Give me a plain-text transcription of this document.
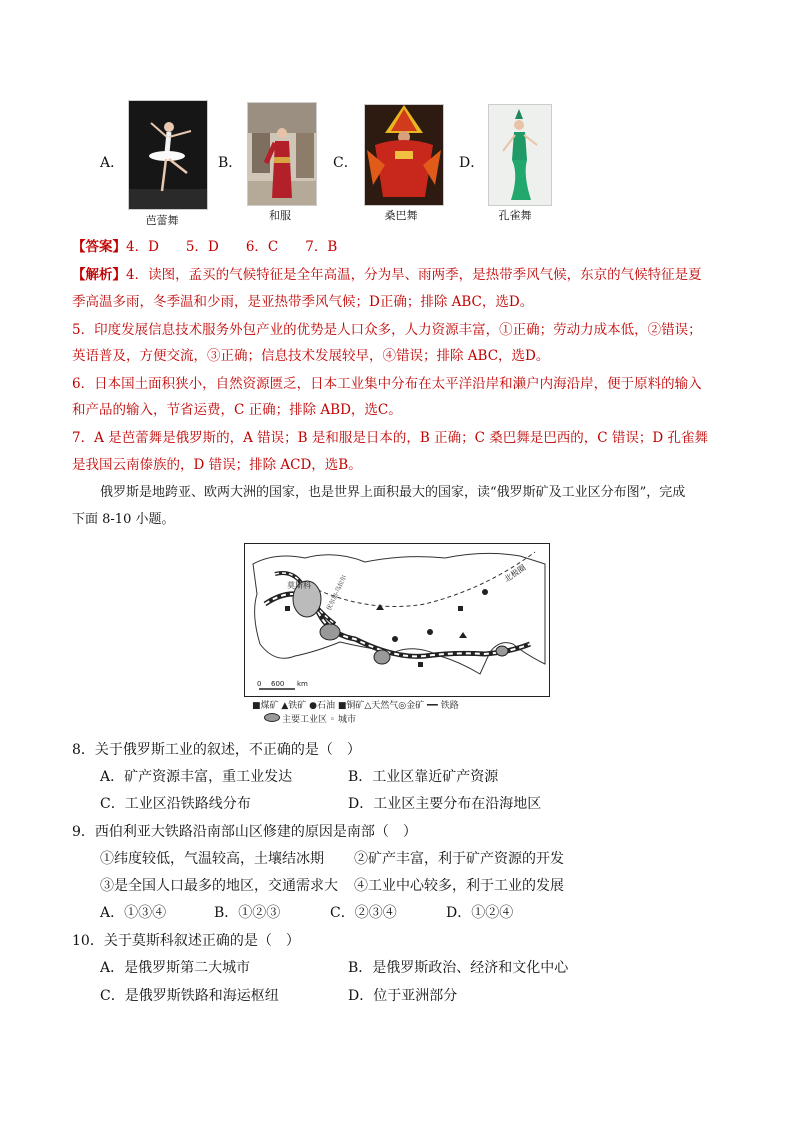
A．
芭蕾舞
B．
和服
C．
桑巴舞
D．
孔雀舞
【答案】4．D　　5．D　　6．C　　7．B
【解析】4．读图，孟买的气候特征是全年高温，分为旱、雨两季，是热带季风气候，东京的气候特征是夏
季高温多雨，冬季温和少雨，是亚热带季风气候；D正确；排除 ABC，选D。
5．印度发展信息技术服务外包产业的优势是人口众多，人力资源丰富，①正确；劳动力成本低，②错误；
英语普及，方便交流，③正确；信息技术发展较早，④错误；排除 ABC，选D。
6．日本国土面积狭小，自然资源匮乏，日本工业集中分布在太平洋沿岸和濑户内海沿岸，便于原料的输入
和产品的输入，节省运费，C 正确；排除 ABD，选C。
7．A 是芭蕾舞是俄罗斯的，A 错误；B 是和服是日本的，B 正确；C 桑巴舞是巴西的，C 错误；D 孔雀舞
是我国云南傣族的，D 错误；排除 ACD，选B。
俄罗斯是地跨亚、欧两大洲的国家，也是世界上面积最大的国家，读“俄罗斯矿及工业区分布图”，完成
下面 8-10 小题。
莫斯科
北极圈
伏尔加-乌拉尔
0 600 km
■煤矿 ▲铁矿 ●石油 ■铜矿△天然气◎金矿 ━━ 铁路
主要工业区 ◦ 城市
8．关于俄罗斯工业的叙述，不正确的是（　）
A．矿产资源丰富，重工业发达	B．工业区靠近矿产资源
C．工业区沿铁路线分布	D．工业区主要分布在沿海地区
9．西伯利亚大铁路沿南部山区修建的原因是南部（　）
①纬度较低，气温较高，土壤结冰期 ②矿产丰富，利于矿产资源的开发
③是全国人口最多的地区，交通需求大 ④工业中心较多，利于工业的发展
A．①③④	B．①②③	C．②③④	D．①②④
10．关于莫斯科叙述正确的是（　）
A．是俄罗斯第二大城市	B．是俄罗斯政治、经济和文化中心
C．是俄罗斯铁路和海运枢纽	D．位于亚洲部分
